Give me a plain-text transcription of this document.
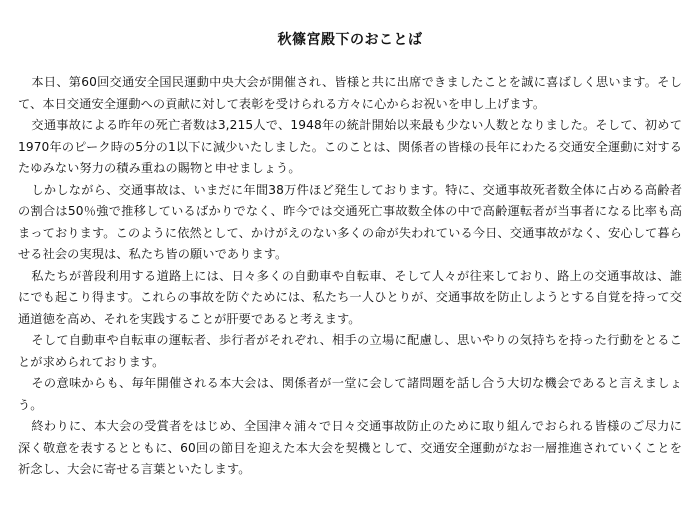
秋篠宮殿下のおことば

本日、第60回交通安全国民運動中央大会が開催され、皆様と共に出席できましたことを誠に喜ばしく思います。そして、本日交通安全運動への貢献に対して表彰を受けられる方々に心からお祝いを申し上げます。

交通事故による昨年の死亡者数は3,215人で、1948年の統計開始以来最も少ない人数となりました。そして、初めて1970年のピーク時の5分の1以下に減少いたしました。このことは、関係者の皆様の長年にわたる交通安全運動に対するたゆみない努力の積み重ねの賜物と申せましょう。

しかしながら、交通事故は、いまだに年間38万件ほど発生しております。特に、交通事故死者数全体に占める高齢者の割合は50％強で推移しているばかりでなく、昨今では交通死亡事故数全体の中で高齢運転者が当事者になる比率も高まっております。このように依然として、かけがえのない多くの命が失われている今日、交通事故がなく、安心して暮らせる社会の実現は、私たち皆の願いであります。

私たちが普段利用する道路上には、日々多くの自動車や自転車、そして人々が往来しており、路上の交通事故は、誰にでも起こり得ます。これらの事故を防ぐためには、私たち一人ひとりが、交通事故を防止しようとする自覚を持って交通道徳を高め、それを実践することが肝要であると考えます。

そして自動車や自転車の運転者、歩行者がそれぞれ、相手の立場に配慮し、思いやりの気持ちを持った行動をとることが求められております。

その意味からも、毎年開催される本大会は、関係者が一堂に会して諸問題を話し合う大切な機会であると言えましょう。

終わりに、本大会の受賞者をはじめ、全国津々浦々で日々交通事故防止のために取り組んでおられる皆様のご尽力に深く敬意を表するとともに、60回の節目を迎えた本大会を契機として、交通安全運動がなお一層推進されていくことを祈念し、大会に寄せる言葉といたします。
